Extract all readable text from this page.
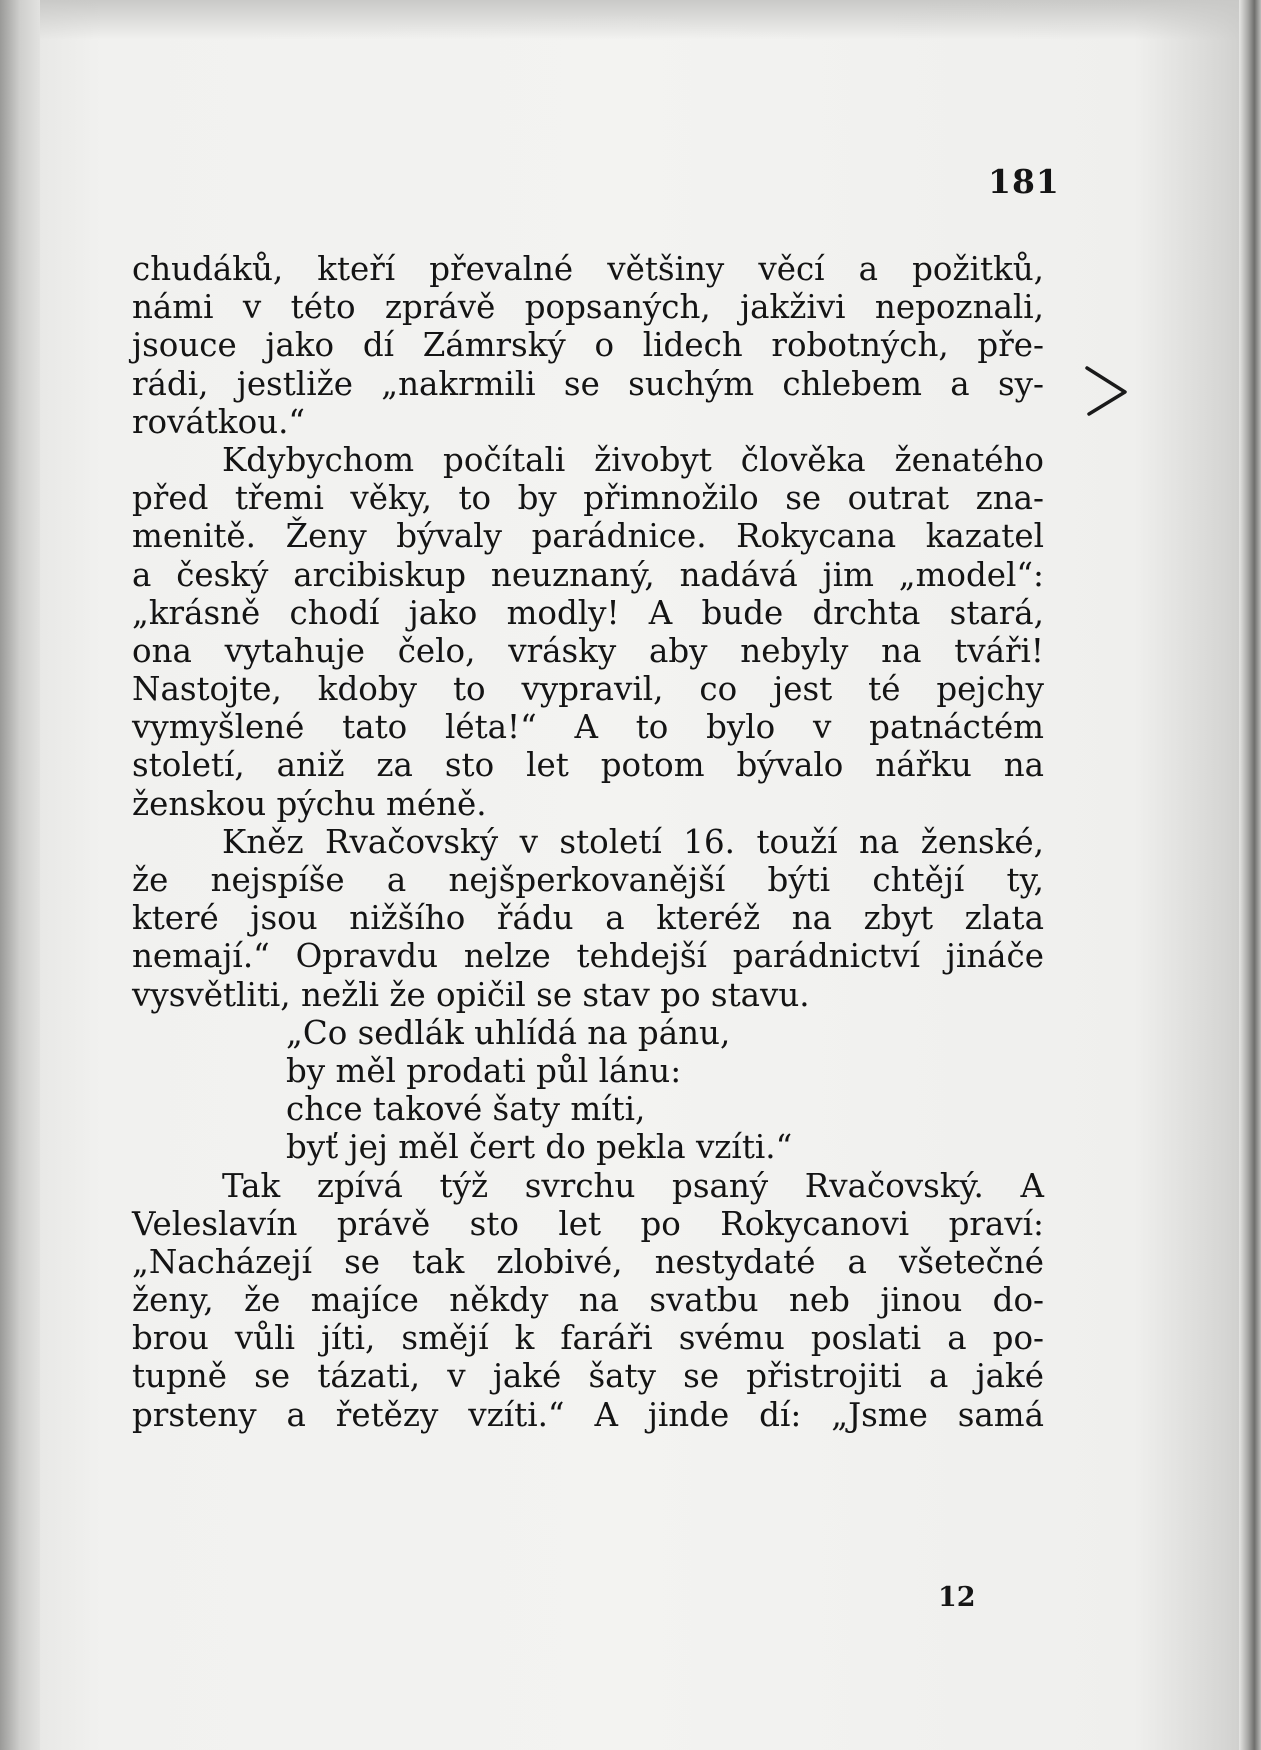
181
chudáků, kteří převalné většiny věcí a požitků,
námi v této zprávě popsaných, jakživi nepoznali,
jsouce jako dí Zámrský o lidech robotných, pře-
rádi, jestliže „nakrmili se suchým chlebem a sy-
rovátkou.“
Kdybychom počítali živobyt člověka ženatého
před třemi věky, to by přimnožilo se outrat zna-
menitě. Ženy bývaly parádnice. Rokycana kazatel
a český arcibiskup neuznaný, nadává jim „model“:
„krásně chodí jako modly! A bude drchta stará,
ona vytahuje čelo, vrásky aby nebyly na tváři!
Nastojte, kdoby to vypravil, co jest té pejchy
vymyšlené tato léta!“ A to bylo v patnáctém
století, aniž za sto let potom bývalo nářku na
ženskou pýchu méně.
Kněz Rvačovský v století 16. touží na ženské,
že nejspíše a nejšperkovanější býti chtějí ty,
které jsou nižšího řádu a kteréž na zbyt zlata
nemají.“ Opravdu nelze tehdejší parádnictví jináče
vysvětliti, nežli že opičil se stav po stavu.
„Co sedlák uhlídá na pánu,
by měl prodati půl lánu:
chce takové šaty míti,
byť jej měl čert do pekla vzíti.“
Tak zpívá týž svrchu psaný Rvačovský. A
Veleslavín právě sto let po Rokycanovi praví:
„Nacházejí se tak zlobivé, nestydaté a všetečné
ženy, že majíce někdy na svatbu neb jinou do-
brou vůli jíti, smějí k faráři svému poslati a po-
tupně se tázati, v jaké šaty se přistrojiti a jaké
prsteny a řetězy vzíti.“ A jinde dí: „Jsme samá
12
